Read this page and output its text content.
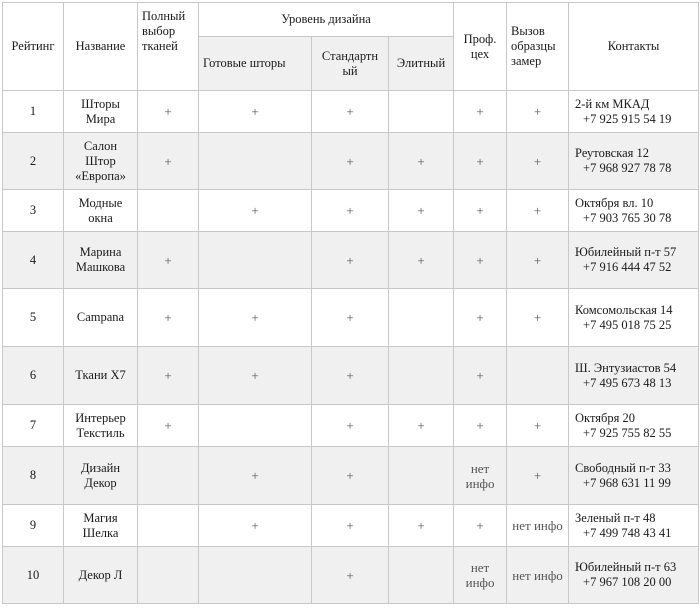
Рейтинг	Название	Полный выбор тканей	Уровень дизайна			Проф. цех	Вызов образцы замер	Контакты
			Готовые шторы	Стандартн ый	Элитный			
1	Шторы Мира	+	+	+		+	+	2-й км МКАД
+7 925 915 54 19

2	Салон Штор «Европа»	+		+	+	+	+	Реутовская 12
+7 968 927 78 78

3	Модные окна		+	+	+	+	+	Октября вл. 10
+7 903 765 30 78

4	Марина Машкова	+		+	+	+	+	Юбилейный п-т 57
+7 916 444 47 52

5	Campana	+	+	+		+	+	Комсомольская 14
+7 495 018 75 25

6	Ткани Х7	+	+	+		+		Ш. Энтузиастов 54
+7 495 673 48 13

7	Интерьер Текстиль	+		+	+	+	+	Октября 20
+7 925 755 82 55

8	Дизайн Декор		+	+		нет инфо	+	Свободный п-т 33
+7 968 631 11 99

9	Магия Шелка		+	+	+	+	нет инфо	Зеленый п-т 48
+7 499 748 43 41

10	Декор Л			+		нет инфо	нет инфо	Юбилейный п-т 63
+7 967 108 20 00
